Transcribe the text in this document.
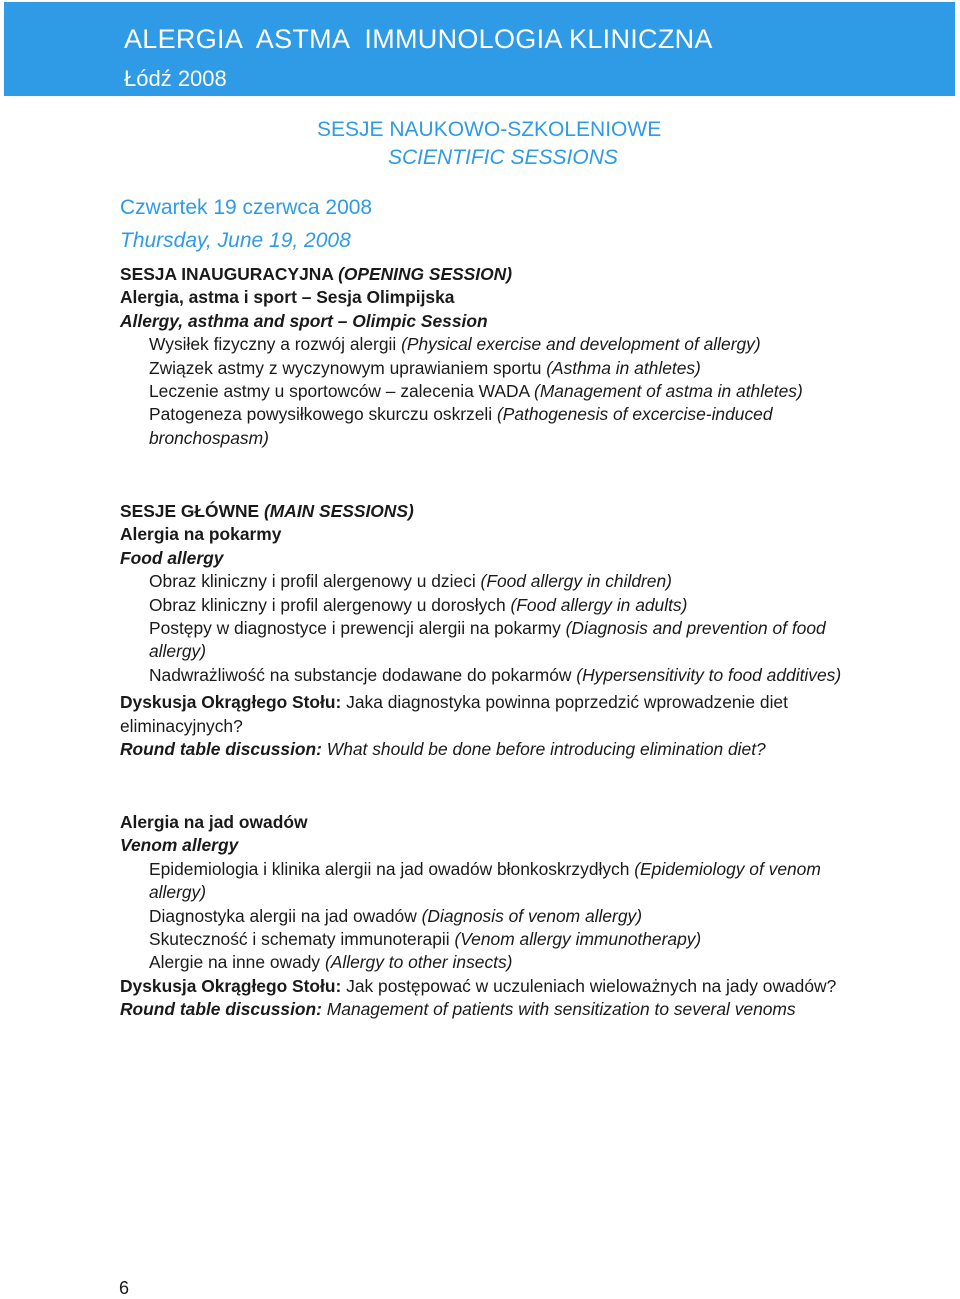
ALERGIA  ASTMA  IMMUNOLOGIA KLINICZNA
Łódź 2008
SESJE NAUKOWO-SZKOLENIOWE
SCIENTIFIC SESSIONS
Czwartek 19 czerwca 2008
Thursday, June 19, 2008

SESJA INAUGURACYJNA (OPENING SESSION)

Alergia, astma i sport – Sesja Olimpijska

Allergy, asthma and sport – Olimpic Session

Wysiłek fizyczny a rozwój alergii (Physical exercise and development of allergy)

Związek astmy z wyczynowym uprawianiem sportu (Asthma in athletes)

Leczenie astmy u sportowców – zalecenia WADA (Management of astma in athletes)

Patogeneza powysiłkowego skurczu oskrzeli (Pathogenesis of excercise-induced bronchospasm)

SESJE GŁÓWNE (MAIN SESSIONS)

Alergia na pokarmy

Food allergy

Obraz kliniczny i profil alergenowy u dzieci (Food allergy in children)

Obraz kliniczny i profil alergenowy u dorosłych (Food allergy in adults)

Postępy w diagnostyce i prewencji alergii na pokarmy (Diagnosis and prevention of food allergy)

Nadwrażliwość na substancje dodawane do pokarmów (Hypersensitivity to food additives)

Dyskusja Okrągłego Stołu: Jaka diagnostyka powinna poprzedzić wprowadzenie diet eliminacyjnych?

Round table discussion: What should be done before introducing elimination diet?

Alergia na jad owadów

Venom allergy

Epidemiologia i klinika alergii na jad owadów błonkoskrzydłych (Epidemiology of venom allergy)

Diagnostyka alergii na jad owadów (Diagnosis of venom allergy)

Skuteczność i schematy immunoterapii (Venom allergy immunotherapy)

Alergie na inne owady (Allergy to other insects)

Dyskusja Okrągłego Stołu: Jak postępować w uczuleniach wieloważnych na jady owadów?

Round table discussion: Management of patients with sensitization to several venoms

6
